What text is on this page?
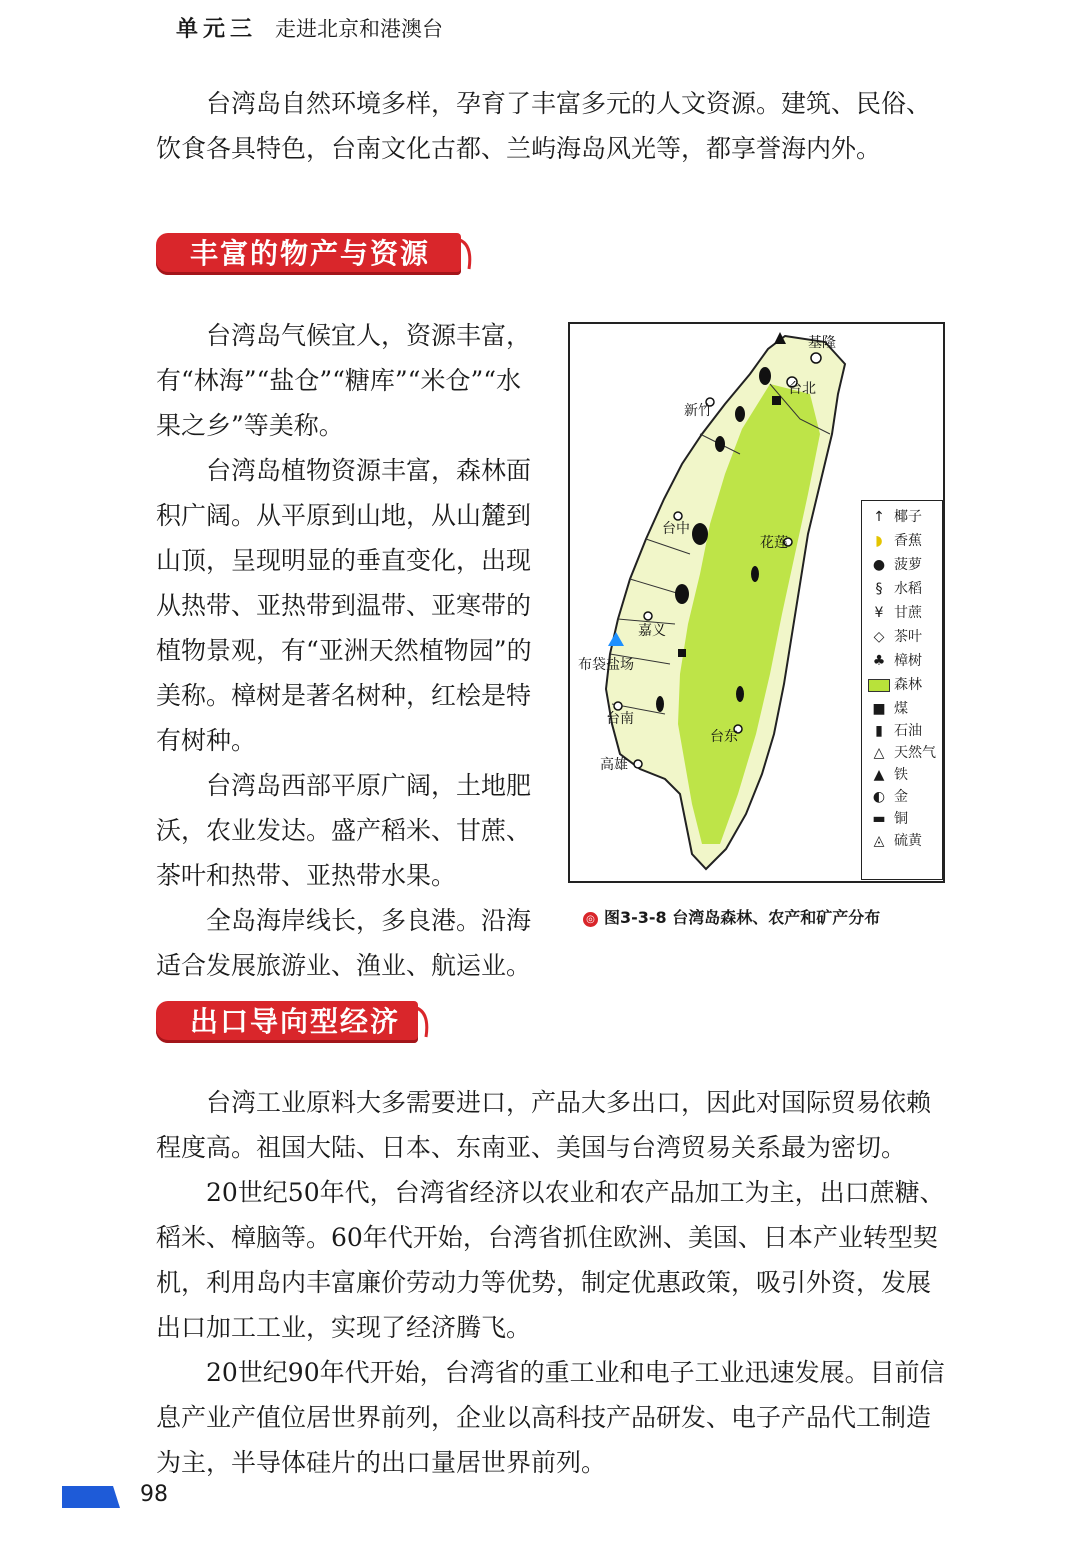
单元三 走进北京和港澳台

台湾岛自然环境多样，孕育了丰富多元的人文资源。建筑、民俗、饮食各具特色，台南文化古都、兰屿海岛风光等，都享誉海内外。

丰富的物产与资源

台湾岛气候宜人，资源丰富，有“林海”“盐仓”“糖库”“米仓”“水果之乡”等美称。

台湾岛植物资源丰富，森林面积广阔。从平原到山地，从山麓到山顶，呈现明显的垂直变化，出现从热带、亚热带到温带、亚寒带的植物景观，有“亚洲天然植物园”的美称。樟树是著名树种，红桧是特有树种。

台湾岛西部平原广阔，土地肥沃，农业发达。盛产稻米、甘蔗、茶叶和热带、亚热带水果。

全岛海岸线长，多良港。沿海适合发展旅游业、渔业、航运业。

基隆
台北
新竹
台中
花莲
嘉义
布袋盐场
台南
台东
高雄
↑ 椰子
◗ 香蕉
● 菠萝
§ 水稻
¥ 甘蔗
◇ 茶叶
♣ 樟树
森林
■ 煤
▮ 石油
△ 天然气
▲ 铁
◐ 金
▬ 铜
◬ 硫黄
◎ 图3-3-8 台湾岛森林、农产和矿产分布
出口导向型经济

台湾工业原料大多需要进口，产品大多出口，因此对国际贸易依赖程度高。祖国大陆、日本、东南亚、美国与台湾贸易关系最为密切。

20世纪50年代，台湾省经济以农业和农产品加工为主，出口蔗糖、稻米、樟脑等。60年代开始，台湾省抓住欧洲、美国、日本产业转型契机，利用岛内丰富廉价劳动力等优势，制定优惠政策，吸引外资，发展出口加工工业，实现了经济腾飞。

20世纪90年代开始，台湾省的重工业和电子工业迅速发展。目前信息产业产值位居世界前列，企业以高科技产品研发、电子产品代工制造为主，半导体硅片的出口量居世界前列。

98
